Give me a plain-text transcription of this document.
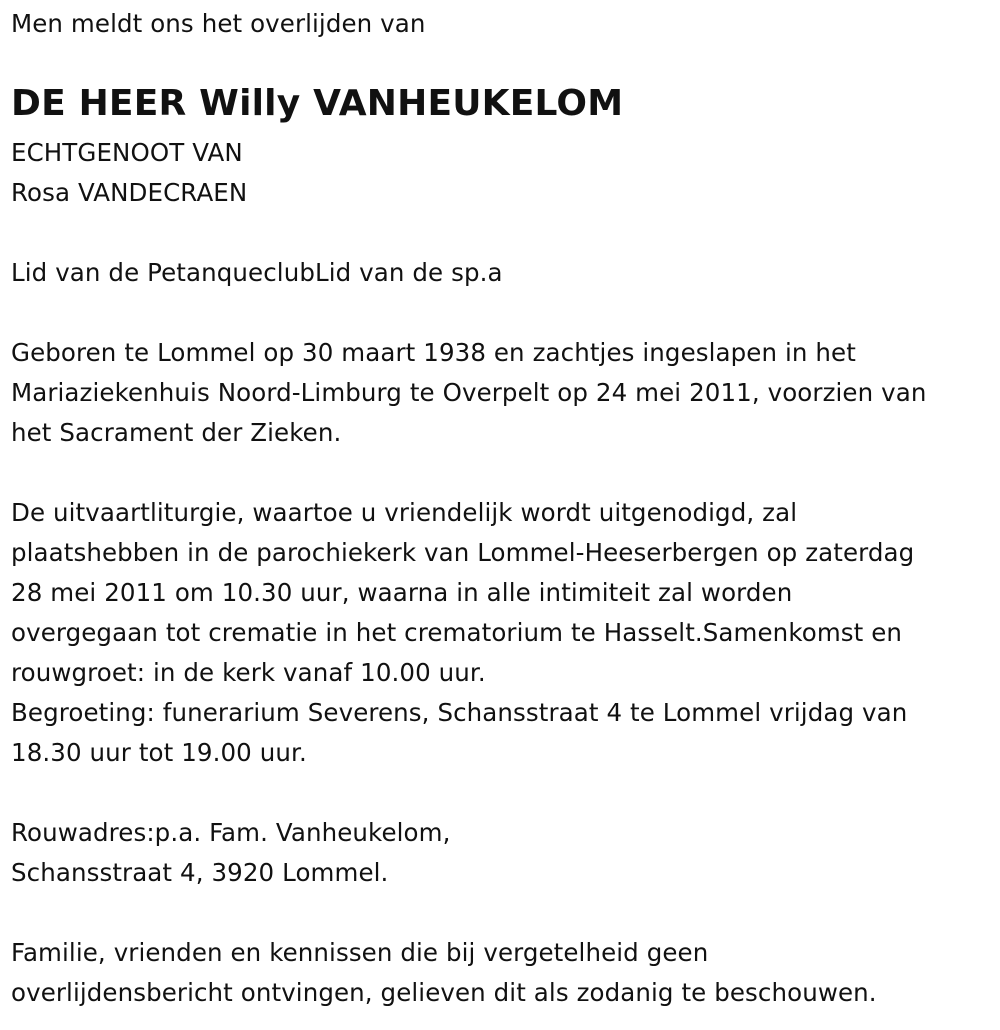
Men meldt ons het overlijden van
DE HEER Willy VANHEUKELOM
ECHTGENOOT VAN
Rosa VANDECRAEN
Lid van de PetanqueclubLid van de sp.a
Geboren te Lommel op 30 maart 1938 en zachtjes ingeslapen in het
Mariaziekenhuis Noord-Limburg te Overpelt op 24 mei 2011, voorzien van
het Sacrament der Zieken.
De uitvaartliturgie, waartoe u vriendelijk wordt uitgenodigd, zal
plaatshebben in de parochiekerk van Lommel-Heeserbergen op zaterdag
28 mei 2011 om 10.30 uur, waarna in alle intimiteit zal worden
overgegaan tot crematie in het crematorium te Hasselt.Samenkomst en
rouwgroet: in de kerk vanaf 10.00 uur.
Begroeting: funerarium Severens, Schansstraat 4 te Lommel vrijdag van
18.30 uur tot 19.00 uur.
Rouwadres:p.a. Fam. Vanheukelom,
Schansstraat 4, 3920 Lommel.
Familie, vrienden en kennissen die bij vergetelheid geen
overlijdensbericht ontvingen, gelieven dit als zodanig te beschouwen.
